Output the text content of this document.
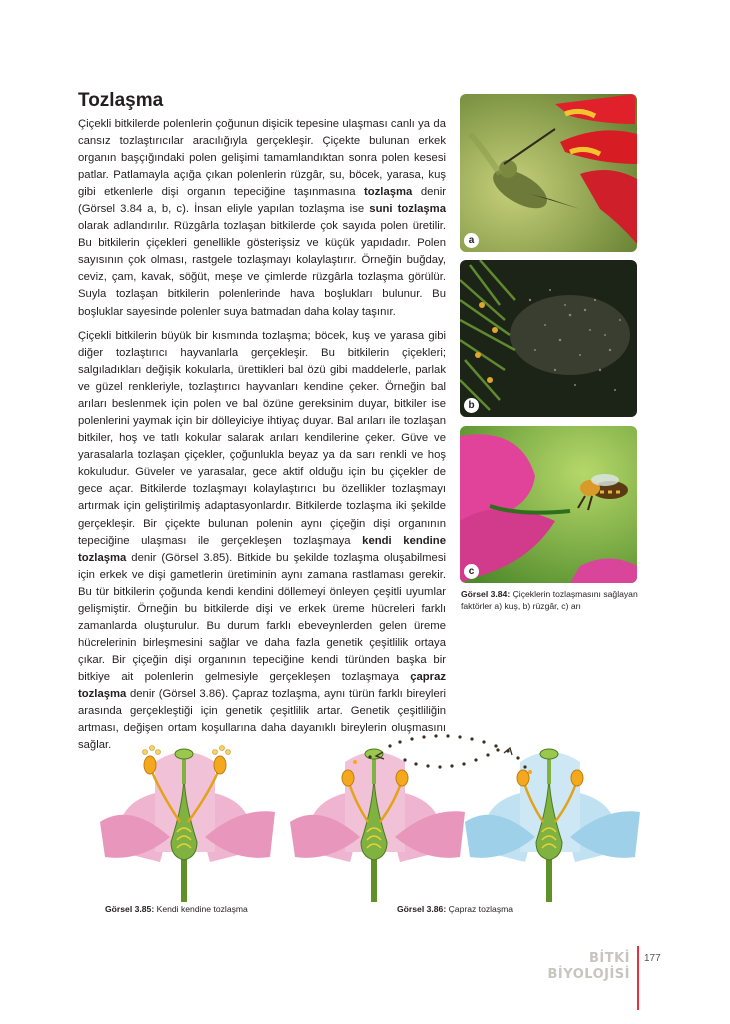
Tozlaşma

Çiçekli bitkilerde polenlerin çoğunun dişicik tepesine ulaşması canlı ya da cansız tozlaştırıcılar aracılığıyla gerçekleşir. Çiçekte bulunan erkek organın başçığındaki polen gelişimi tamamlandıktan sonra polen kesesi patlar. Patlamayla açığa çıkan polenlerin rüzgâr, su, böcek, yarasa, kuş gibi etkenlerle dişi organın tepeciğine taşınmasına tozlaşma denir (Görsel 3.84 a, b, c). İnsan eliyle yapılan tozlaşma ise suni tozlaşma olarak adlandırılır. Rüzgârla tozlaşan bitkilerde çok sayıda polen üretilir. Bu bitkilerin çiçekleri genellikle gösterişsiz ve küçük yapıdadır. Polen sayısının çok olması, rastgele tozlaşmayı kolaylaştırır. Örneğin buğday, ceviz, çam, kavak, söğüt, meşe ve çimlerde rüzgârla tozlaşma görülür. Suyla tozlaşan bitkilerin polenlerinde hava boşlukları bulunur. Bu boşluklar sayesinde polenler suya batmadan daha kolay taşınır.

Çiçekli bitkilerin büyük bir kısmında tozlaşma; böcek, kuş ve yarasa gibi diğer tozlaştırıcı hayvanlarla gerçekleşir. Bu bitkilerin çiçekleri; salgıladıkları değişik kokularla, ürettikleri bal özü gibi maddelerle, parlak ve güzel renkleriyle, tozlaştırıcı hayvanları kendine çeker. Örneğin bal arıları beslenmek için polen ve bal özüne gereksinim duyar, bitkiler ise polenlerini yaymak için bir dölleyiciye ihtiyaç duyar. Bal arıları ile tozlaşan bitkiler, hoş ve tatlı kokular salarak arıları kendilerine çeker. Güve ve yarasalarla tozlaşan çiçekler, çoğunlukla beyaz ya da sarı renkli ve hoş kokuludur. Güveler ve yarasalar, gece aktif olduğu için bu çiçekler de gece açar. Bitkilerde tozlaşmayı kolaylaştırıcı bu özellikler tozlaşmayı artırmak için geliştirilmiş adaptasyonlardır. Bitkilerde tozlaşma iki şekilde gerçekleşir. Bir çiçekte bulunan polenin aynı çiçeğin dişi organının tepeciğine ulaşması ile gerçekleşen tozlaşmaya kendi kendine tozlaşma denir (Görsel 3.85). Bitkide bu şekilde tozlaşma oluşabilmesi için erkek ve dişi gametlerin üretiminin aynı zamana rastlaması gerekir. Bu tür bitkilerin çoğunda kendi kendini döllemeyi önleyen çeşitli uyumlar gelişmiştir. Örneğin bu bitkilerde dişi ve erkek üreme hücreleri farklı zamanlarda oluşturulur. Bu durum farklı ebeveynlerden gelen üreme hücrelerinin birleşmesini sağlar ve daha fazla genetik çeşitlilik ortaya çıkar. Bir çiçeğin dişi organının tepeciğine kendi türünden başka bir bitkiye ait polenlerin gelmesiyle gerçekleşen tozlaşmaya çapraz tozlaşma denir (Görsel 3.86). Çapraz tozlaşma, aynı türün farklı bireyleri arasında gerçekleştiği için genetik çeşitlilik artar. Genetik çeşitliliğin artması, değişen ortam koşullarına daha dayanıklı bireylerin oluşmasını sağlar.

a
b
c
Görsel 3.84: Çiçeklerin tozlaşmasını sağlayan faktörler a) kuş, b) rüzgâr, c) arı
Görsel 3.85: Kendi kendine tozlaşma	Görsel 3.86: Çapraz tozlaşma
BİTKİ
BİYOLOJİSİ
177
